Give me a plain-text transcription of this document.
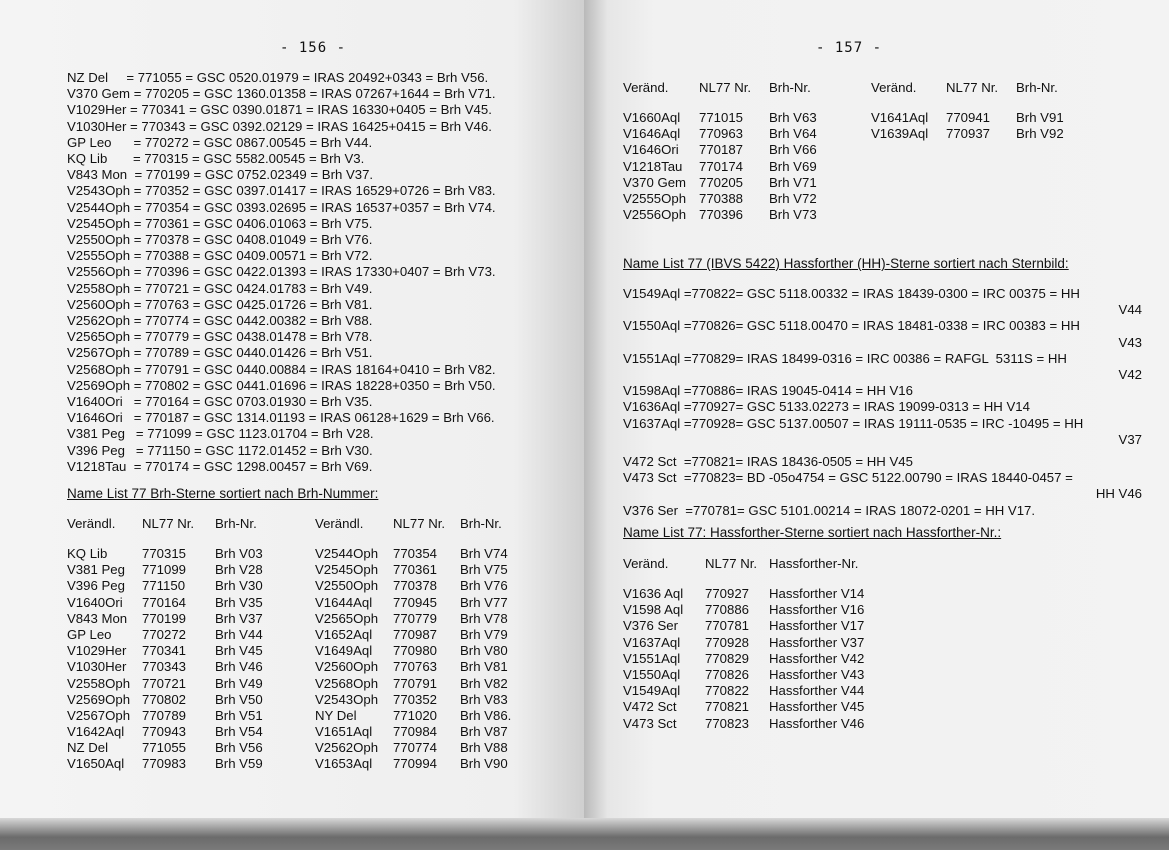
- 156 -
NZ Del     = 771055 = GSC 0520.01979 = IRAS 20492+0343 = Brh V56.
V370 Gem = 770205 = GSC 1360.01358 = IRAS 07267+1644 = Brh V71.
V1029Her = 770341 = GSC 0390.01871 = IRAS 16330+0405 = Brh V45.
V1030Her = 770343 = GSC 0392.02129 = IRAS 16425+0415 = Brh V46.
GP Leo      = 770272 = GSC 0867.00545 = Brh V44.
KQ Lib       = 770315 = GSC 5582.00545 = Brh V3.
V843 Mon  = 770199 = GSC 0752.02349 = Brh V37.
V2543Oph = 770352 = GSC 0397.01417 = IRAS 16529+0726 = Brh V83.
V2544Oph = 770354 = GSC 0393.02695 = IRAS 16537+0357 = Brh V74.
V2545Oph = 770361 = GSC 0406.01063 = Brh V75.
V2550Oph = 770378 = GSC 0408.01049 = Brh V76.
V2555Oph = 770388 = GSC 0409.00571 = Brh V72.
V2556Oph = 770396 = GSC 0422.01393 = IRAS 17330+0407 = Brh V73.
V2558Oph = 770721 = GSC 0424.01783 = Brh V49.
V2560Oph = 770763 = GSC 0425.01726 = Brh V81.
V2562Oph = 770774 = GSC 0442.00382 = Brh V88.
V2565Oph = 770779 = GSC 0438.01478 = Brh V78.
V2567Oph = 770789 = GSC 0440.01426 = Brh V51.
V2568Oph = 770791 = GSC 0440.00884 = IRAS 18164+0410 = Brh V82.
V2569Oph = 770802 = GSC 0441.01696 = IRAS 18228+0350 = Brh V50.
V1640Ori   = 770164 = GSC 0703.01930 = Brh V35.
V1646Ori   = 770187 = GSC 1314.01193 = IRAS 06128+1629 = Brh V66.
V381 Peg   = 771099 = GSC 1123.01704 = Brh V28.
V396 Peg   = 771150 = GSC 1172.01452 = Brh V30.
V1218Tau  = 770174 = GSC 1298.00457 = Brh V69.
Name List 77 Brh-Sterne sortiert nach Brh-Nummer:
Verändl. NL77 Nr. Brh-Nr.	Verändl. NL77 Nr. Brh-Nr.
KQ Lib	770315 Brh V03	V2544Oph 770354 Brh V74
V381 Peg 771099 Brh V28	V2545Oph 770361 Brh V75
V396 Peg 771150 Brh V30	V2550Oph 770378 Brh V76
V1640Ori 770164 Brh V35	V1644Aql 770945 Brh V77
V843 Mon 770199 Brh V37	V2565Oph 770779 Brh V78
GP Leo 770272 Brh V44	V1652Aql 770987 Brh V79
V1029Her 770341 Brh V45	V1649Aql 770980 Brh V80
V1030Her 770343 Brh V46	V2560Oph 770763 Brh V81
V2558Oph 770721 Brh V49	V2568Oph 770791 Brh V82
V2569Oph 770802 Brh V50	V2543Oph 770352 Brh V83
V2567Oph 770789 Brh V51	NY Del	771020 Brh V86.
V1642Aql 770943 Brh V54	V1651Aql 770984 Brh V87
NZ Del	771055 Brh V56	V2562Oph 770774 Brh V88
V1650Aql 770983 Brh V59	V1653Aql 770994 Brh V90
- 157 -
Veränd. NL77 Nr. Brh-Nr.	Veränd. NL77 Nr. Brh-Nr.
V1660Aql 771015 Brh V63	V1641Aql 770941 Brh V91
V1646Aql 770963 Brh V64	V1639Aql 770937 Brh V92
V1646Ori 770187 Brh V66
V1218Tau 770174 Brh V69
V370 Gem 770205 Brh V71
V2555Oph 770388 Brh V72
V2556Oph 770396 Brh V73
Name List 77 (IBVS 5422) Hassforther (HH)-Sterne sortiert nach Sternbild:
V1549Aql =770822= GSC 5118.00332 = IRAS 18439-0300 = IRC 00375 = HH
V44
V1550Aql =770826= GSC 5118.00470 = IRAS 18481-0338 = IRC 00383 = HH
V43
V1551Aql =770829= IRAS 18499-0316 = IRC 00386 = RAFGL  5311S = HH
V42
V1598Aql =770886= IRAS 19045-0414 = HH V16
V1636Aql =770927= GSC 5133.02273 = IRAS 19099-0313 = HH V14
V1637Aql =770928= GSC 5137.00507 = IRAS 19111-0535 = IRC -10495 = HH
V37
V472 Sct  =770821= IRAS 18436-0505 = HH V45
V473 Sct  =770823= BD -05o4754 = GSC 5122.00790 = IRAS 18440-0457 =
HH V46
V376 Ser  =770781= GSC 5101.00214 = IRAS 18072-0201 = HH V17.
Name List 77: Hassforther-Sterne sortiert nach Hassforther-Nr.:
Veränd.	NL77 Nr. Hassforther-Nr.
V1636 Aql 770927 Hassforther V14
V1598 Aql 770886 Hassforther V16
V376 Ser 770781 Hassforther V17
V1637Aql 770928 Hassforther V37
V1551Aql 770829 Hassforther V42
V1550Aql 770826 Hassforther V43
V1549Aql 770822 Hassforther V44
V472 Sct 770821 Hassforther V45
V473 Sct 770823 Hassforther V46
